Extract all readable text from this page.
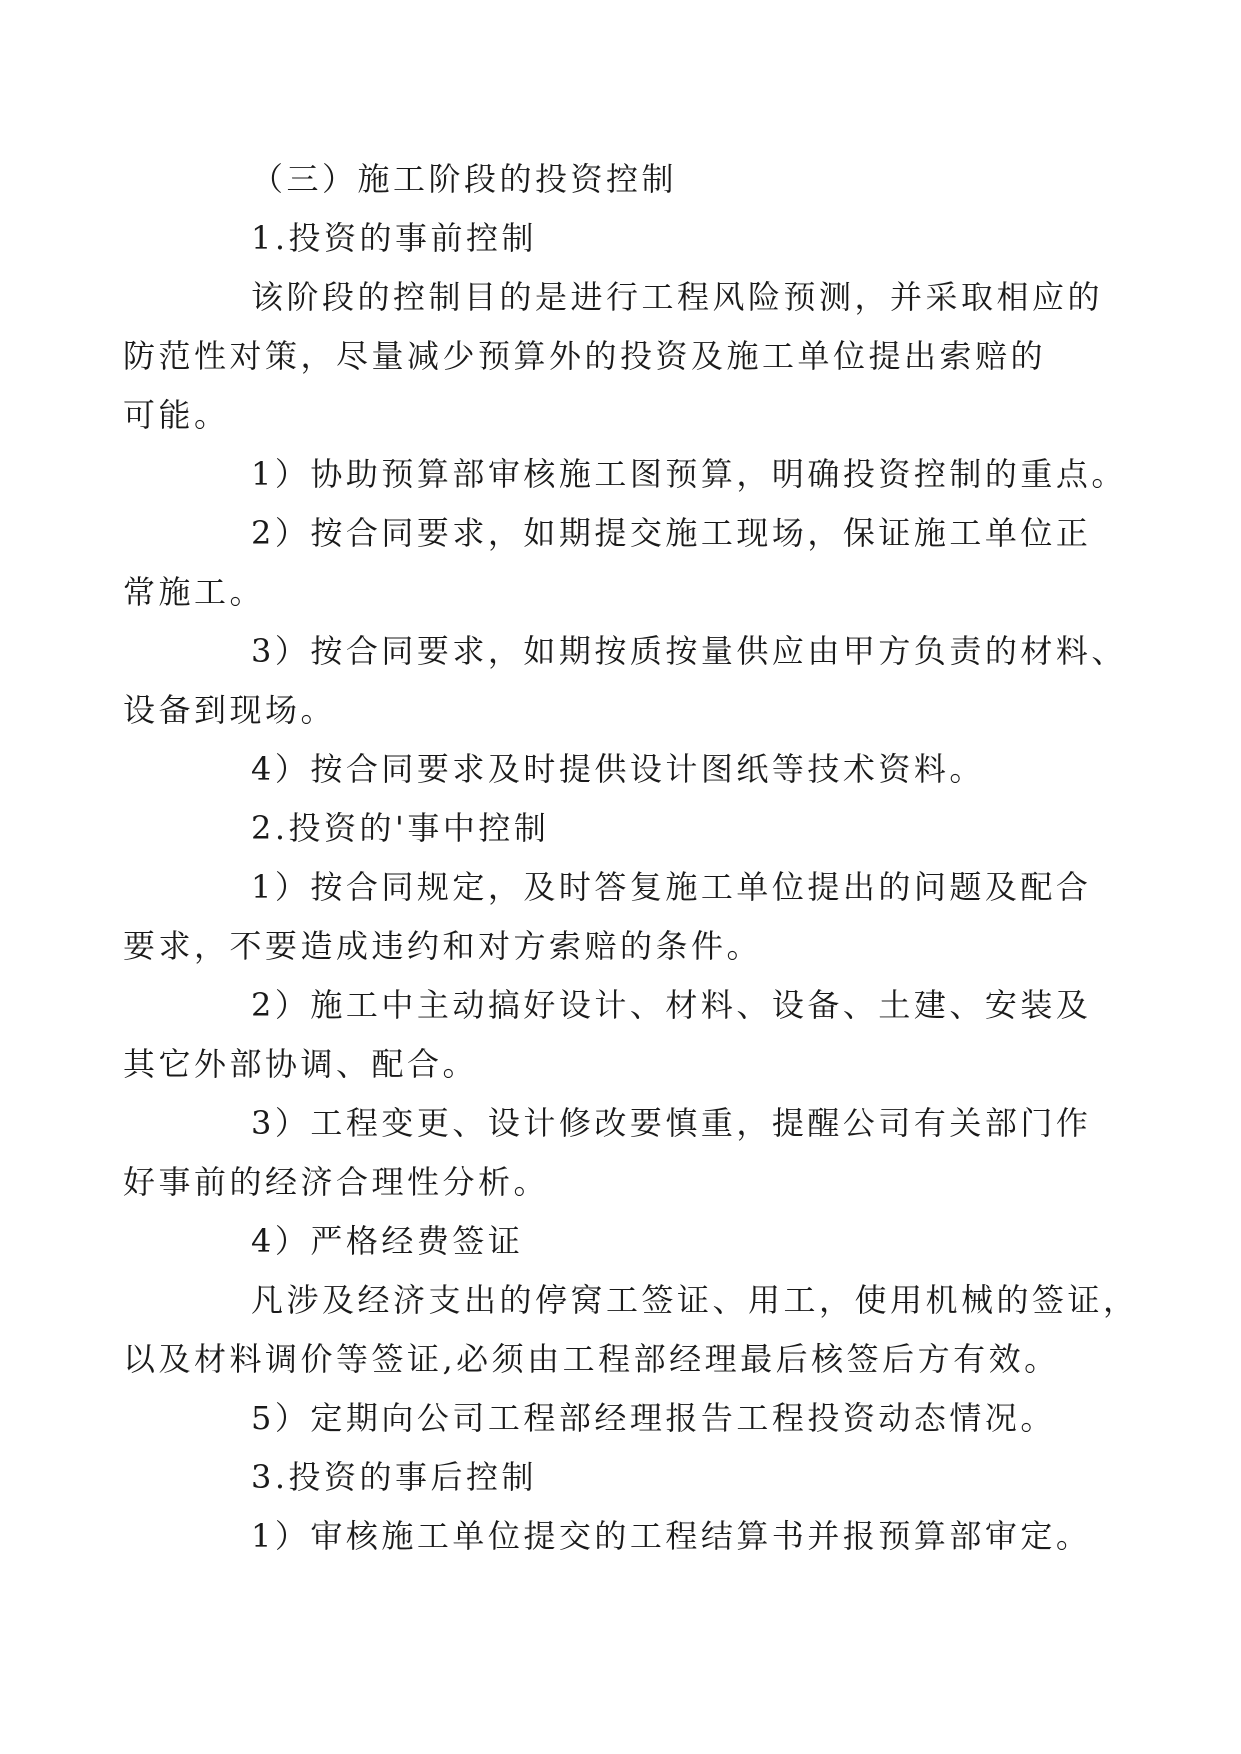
（三）施工阶段的投资控制

1.投资的事前控制

该阶段的控制目的是进行工程风险预测，并采取相应的
防范性对策，尽量减少预算外的投资及施工单位提出索赔的
可能。

1）协助预算部审核施工图预算，明确投资控制的重点。

2）按合同要求，如期提交施工现场，保证施工单位正
常施工。

3）按合同要求，如期按质按量供应由甲方负责的材料、
设备到现场。

4）按合同要求及时提供设计图纸等技术资料。

2.投资的'事中控制

1）按合同规定，及时答复施工单位提出的问题及配合
要求，不要造成违约和对方索赔的条件。

2）施工中主动搞好设计、材料、设备、土建、安装及
其它外部协调、配合。

3）工程变更、设计修改要慎重，提醒公司有关部门作
好事前的经济合理性分析。

4）严格经费签证

凡涉及经济支出的停窝工签证、用工，使用机械的签证，
以及材料调价等签证,必须由工程部经理最后核签后方有效。

5）定期向公司工程部经理报告工程投资动态情况。

3.投资的事后控制

1）审核施工单位提交的工程结算书并报预算部审定。
